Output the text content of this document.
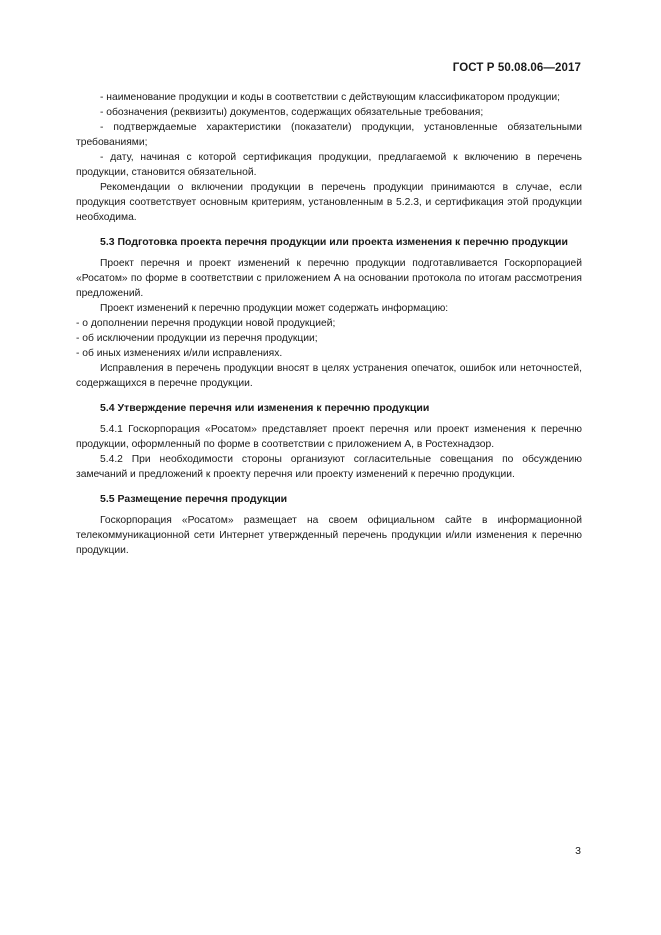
ГОСТ Р 50.08.06—2017

- наименование продукции и коды в соответствии с действующим классификатором продукции;

- обозначения (реквизиты) документов, содержащих обязательные требования;

- подтверждаемые характеристики (показатели) продукции, установленные обязательными требованиями;

- дату, начиная с которой сертификация продукции, предлагаемой к включению в перечень продукции, становится обязательной.

Рекомендации о включении продукции в перечень продукции принимаются в случае, если продукция соответствует основным критериям, установленным в 5.2.3, и сертификация этой продукции необходима.

5.3 Подготовка проекта перечня продукции или проекта изменения к перечню продукции

Проект перечня и проект изменений к перечню продукции подготавливается Госкорпорацией «Росатом» по форме в соответствии с приложением А на основании протокола по итогам рассмотрения предложений.

Проект изменений к перечню продукции может содержать информацию:

- о дополнении перечня продукции новой продукцией;

- об исключении продукции из перечня продукции;

- об иных изменениях и/или исправлениях.

Исправления в перечень продукции вносят в целях устранения опечаток, ошибок или неточностей, содержащихся в перечне продукции.

5.4 Утверждение перечня или изменения к перечню продукции

5.4.1 Госкорпорация «Росатом» представляет проект перечня или проект изменения к перечню продукции, оформленный по форме в соответствии с приложением А, в Ростехнадзор.

5.4.2 При необходимости стороны организуют согласительные совещания по обсуждению замечаний и предложений к проекту перечня или проекту изменений к перечню продукции.

5.5 Размещение перечня продукции

Госкорпорация «Росатом» размещает на своем официальном сайте в информационной телекоммуникационной сети Интернет утвержденный перечень продукции и/или изменения к перечню продукции.

3
